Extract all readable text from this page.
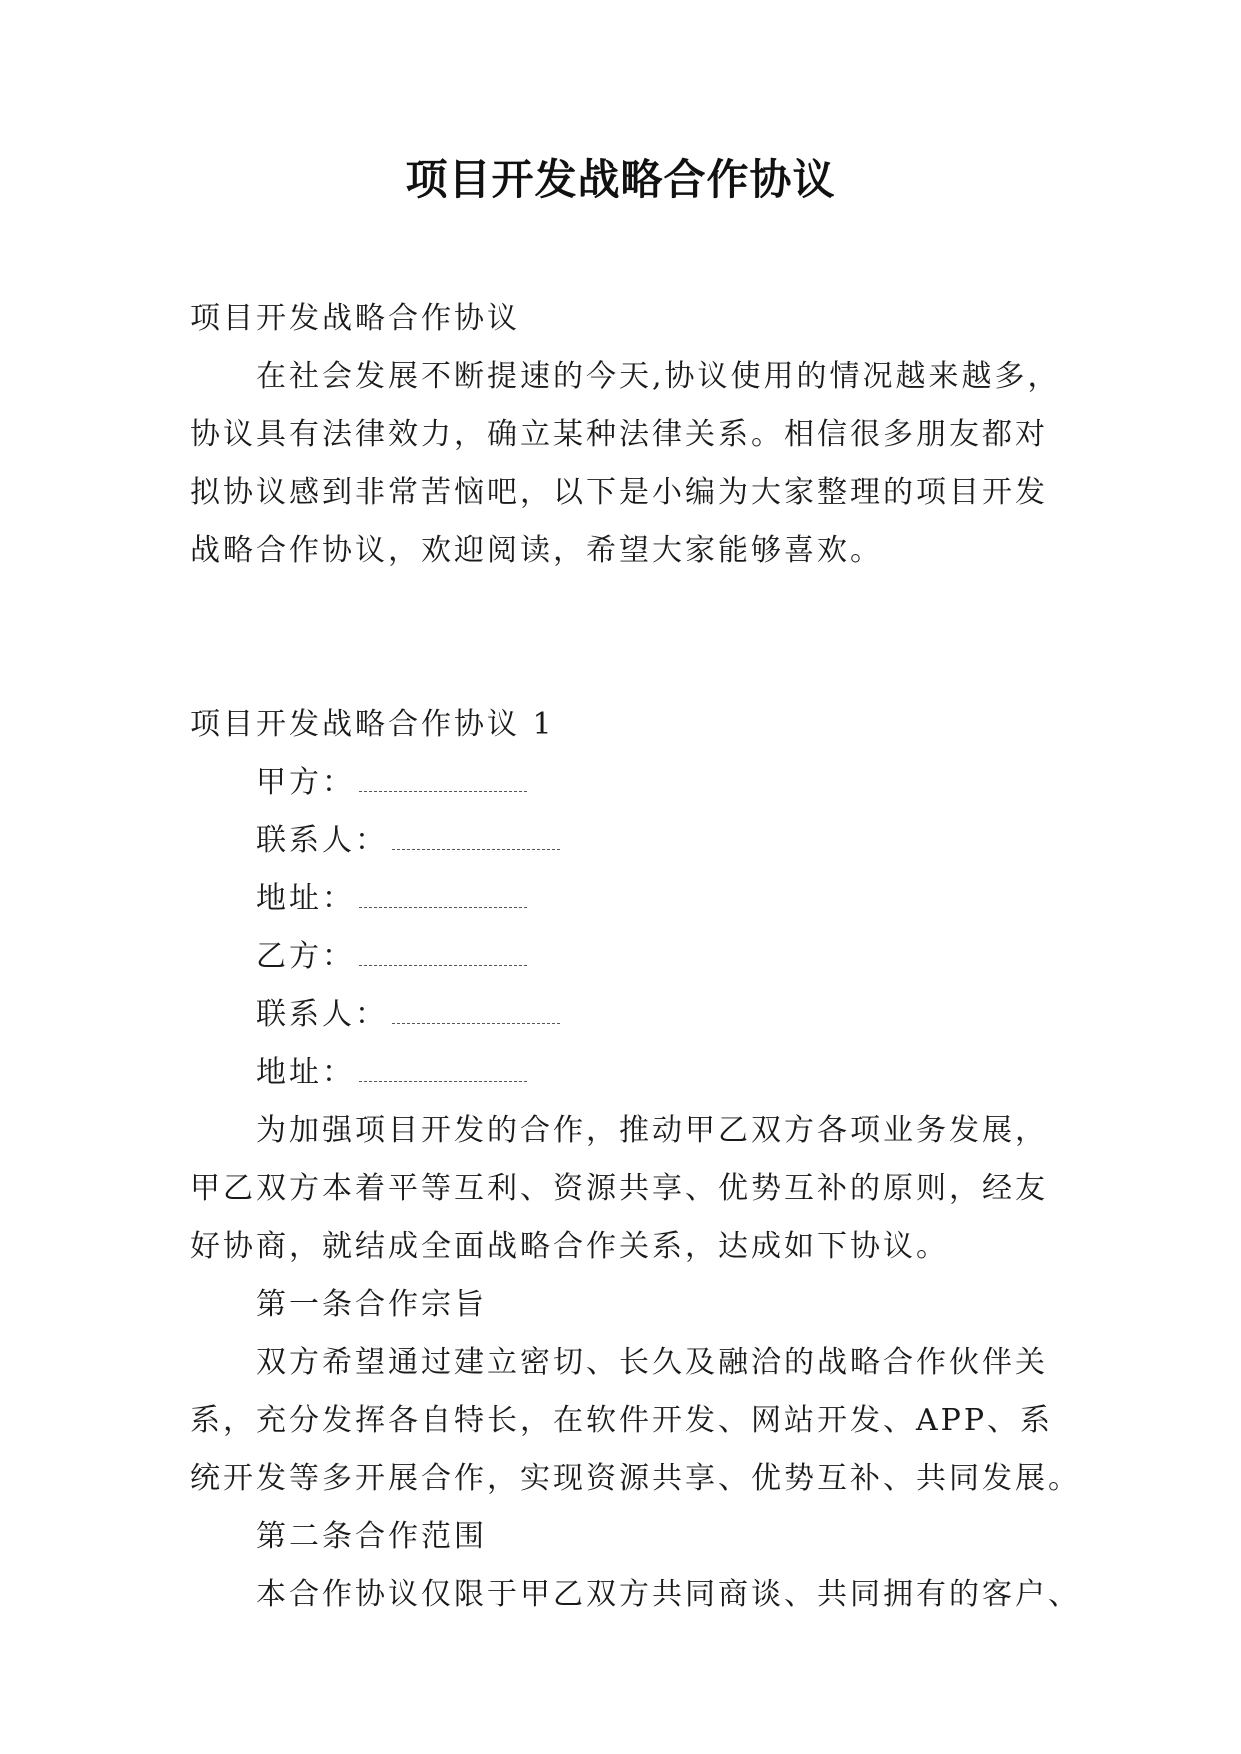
项目开发战略合作协议
项目开发战略合作协议
在社会发展不断提速的今天,协议使用的情况越来越多，
协议具有法律效力，确立某种法律关系。相信很多朋友都对
拟协议感到非常苦恼吧，以下是小编为大家整理的项目开发
战略合作协议，欢迎阅读，希望大家能够喜欢。
项目开发战略合作协议 1
甲方：
联系人：
地址：
乙方：
联系人：
地址：
为加强项目开发的合作，推动甲乙双方各项业务发展，
甲乙双方本着平等互利、资源共享、优势互补的原则，经友
好协商，就结成全面战略合作关系，达成如下协议。
第一条合作宗旨
双方希望通过建立密切、长久及融洽的战略合作伙伴关
系，充分发挥各自特长，在软件开发、网站开发、APP、系
统开发等多开展合作，实现资源共享、优势互补、共同发展。
第二条合作范围
本合作协议仅限于甲乙双方共同商谈、共同拥有的客户、
